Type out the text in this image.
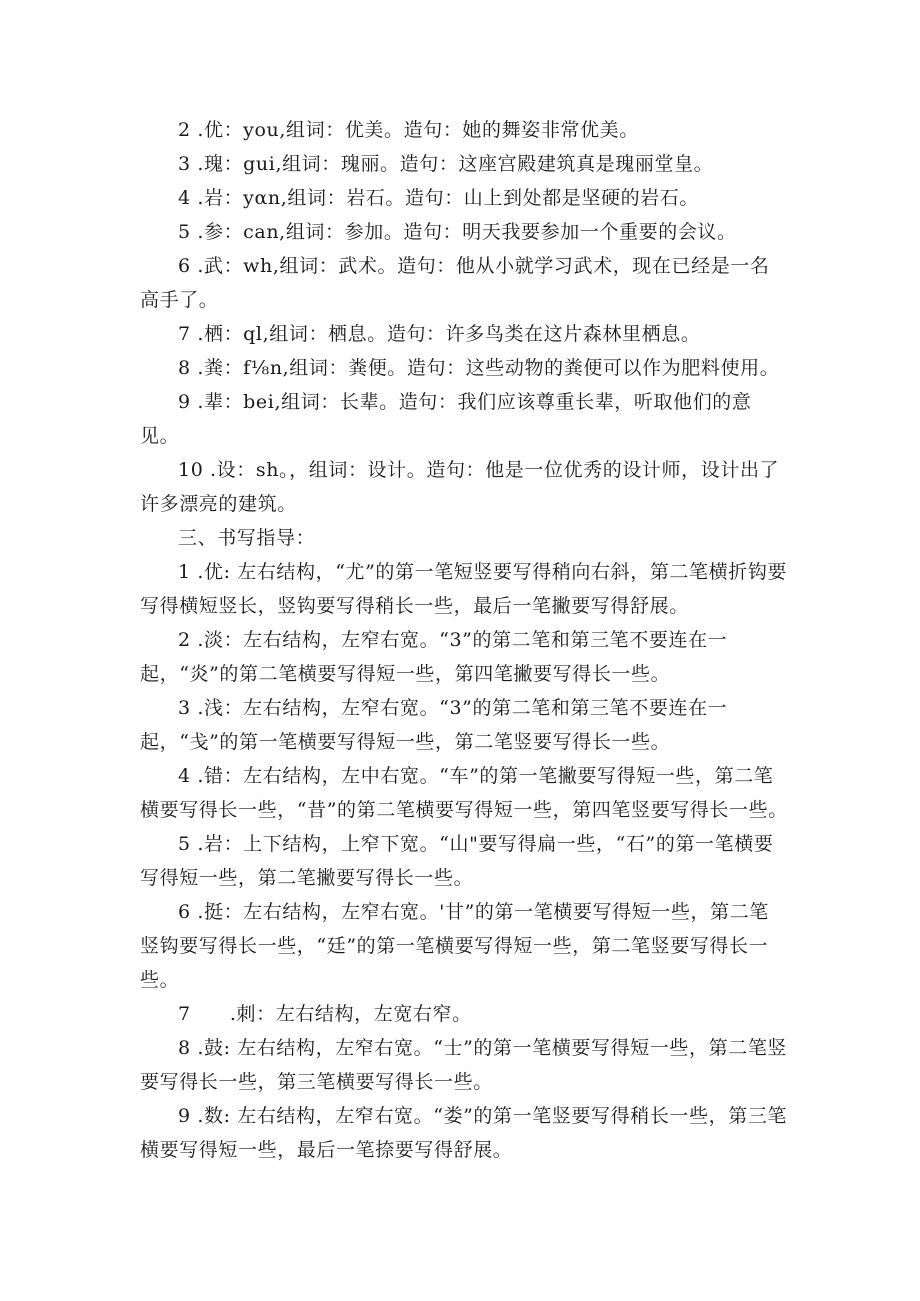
2 .优：you,组词：优美。造句：她的舞姿非常优美。

3 .瑰：gui,组词：瑰丽。造句：这座宫殿建筑真是瑰丽堂皇。

4 .岩：yαn,组词：岩石。造句：山上到处都是坚硬的岩石。

5 .参：can,组词：参加。造句：明天我要参加一个重要的会议。

6 .武：wh,组词：武术。造句：他从小就学习武术，现在已经是一名高手了。

7 .栖：ql,组词：栖息。造句：许多鸟类在这片森林里栖息。

8 .粪：f⅛n,组词：粪便。造句：这些动物的粪便可以作为肥料使用。

9 .辈：bei,组词：长辈。造句：我们应该尊重长辈，听取他们的意见。

10 .设：sh。，组词：设计。造句：他是一位优秀的设计师，设计出了许多漂亮的建筑。

三、书写指导：

1 .优: 左右结构，“尤”的第一笔短竖要写得稍向右斜，第二笔横折钩要写得横短竖长，竖钩要写得稍长一些，最后一笔撇要写得舒展。

2 .淡：左右结构，左窄右宽。“3”的第二笔和第三笔不要连在一起，“炎”的第二笔横要写得短一些，第四笔撇要写得长一些。

3 .浅：左右结构，左窄右宽。“3”的第二笔和第三笔不要连在一起，“戋”的第一笔横要写得短一些，第二笔竖要写得长一些。

4 .错：左右结构，左中右宽。“车”的第一笔撇要写得短一些，第二笔横要写得长一些，“昔”的第二笔横要写得短一些，第四笔竖要写得长一些。

5 .岩：上下结构，上窄下宽。“山"要写得扁一些，“石”的第一笔横要写得短一些，第二笔撇要写得长一些。

6 .挺：左右结构，左窄右宽。'甘”的第一笔横要写得短一些，第二笔竖钩要写得长一些，“廷”的第一笔横要写得短一些，第二笔竖要写得长一些。

7　　.刺：左右结构，左宽右窄。

8 .鼓: 左右结构，左窄右宽。“士”的第一笔横要写得短一些，第二笔竖要写得长一些，第三笔横要写得长一些。

9 .数: 左右结构，左窄右宽。“娄”的第一笔竖要写得稍长一些，第三笔横要写得短一些，最后一笔捺要写得舒展。
